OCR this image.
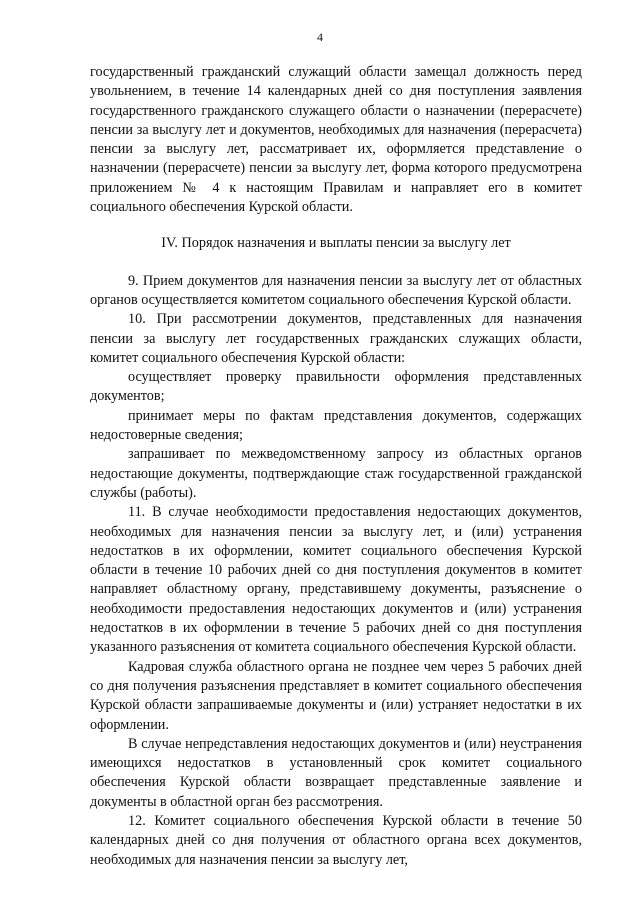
4

государственный гражданский служащий области замещал должность перед увольнением, в течение 14 календарных дней со дня поступления заявления государственного гражданского служащего области о назначении (перерасчете) пенсии за выслугу лет и документов, необходимых для назначения (перерасчета) пенсии за выслугу лет, рассматривает их, оформляется представление о назначении (перерасчете) пенсии за выслугу лет, форма которого предусмотрена приложением № 4 к настоящим Правилам и направляет его в комитет социального обеспечения Курской области.

IV. Порядок назначения и выплаты пенсии за выслугу лет

9. Прием документов для назначения пенсии за выслугу лет от областных органов осуществляется комитетом социального обеспечения Курской области.

10. При рассмотрении документов, представленных для назначения пенсии за выслугу лет государственных гражданских служащих области, комитет социального обеспечения Курской области:

осуществляет проверку правильности оформления представленных документов;

принимает меры по фактам представления документов, содержащих недостоверные сведения;

запрашивает по межведомственному запросу из областных органов недостающие документы, подтверждающие стаж государственной гражданской службы (работы).

11. В случае необходимости предоставления недостающих документов, необходимых для назначения пенсии за выслугу лет, и (или) устранения недостатков в их оформлении, комитет социального обеспечения Курской области в течение 10 рабочих дней со дня поступления документов в комитет направляет областному органу, представившему документы, разъяснение о необходимости предоставления недостающих документов и (или) устранения недостатков в их оформлении в течение 5 рабочих дней со дня поступления указанного разъяснения от комитета социального обеспечения Курской области.

Кадровая служба областного органа не позднее чем через 5 рабочих дней со дня получения разъяснения представляет в комитет социального обеспечения Курской области запрашиваемые документы и (или) устраняет недостатки в их оформлении.

В случае непредставления недостающих документов и (или) неустранения имеющихся недостатков в установленный срок комитет социального обеспечения Курской области возвращает представленные заявление и документы в областной орган без рассмотрения.

12. Комитет социального обеспечения Курской области в течение 50 календарных дней со дня получения от областного органа всех документов, необходимых для назначения пенсии за выслугу лет,
